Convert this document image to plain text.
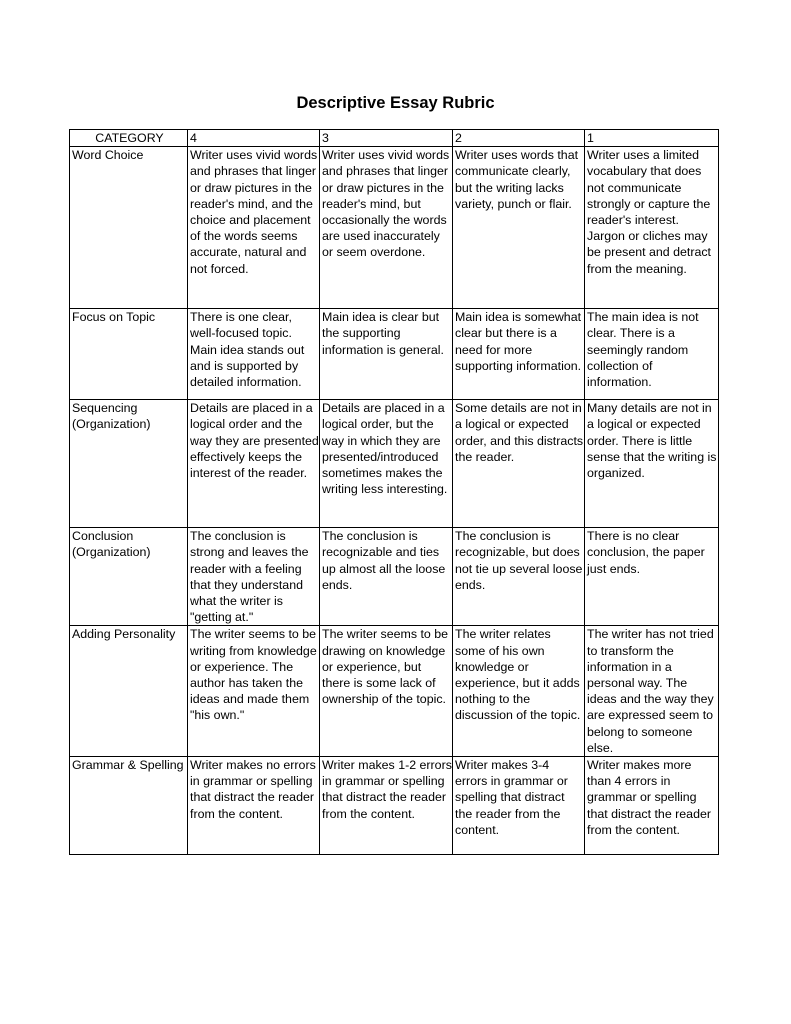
Descriptive Essay Rubric
CATEGORY	4	3	2	1
Word Choice	Writer uses vivid words and phrases that linger or draw pictures in the reader's mind, and the choice and placement of the words seems accurate, natural and not forced.	Writer uses vivid words and phrases that linger or draw pictures in the reader's mind, but occasionally the words are used inaccurately or seem overdone.	Writer uses words that communicate clearly, but the writing lacks variety, punch or flair.	Writer uses a limited vocabulary that does not communicate strongly or capture the reader's interest. Jargon or cliches may be present and detract from the meaning.
Focus on Topic	There is one clear, well-focused topic. Main idea stands out and is supported by detailed information.	Main idea is clear but the supporting information is general.	Main idea is somewhat clear but there is a need for more supporting information.	The main idea is not clear. There is a seemingly random collection of information.
Sequencing (Organization)	Details are placed in a logical order and the way they are presented effectively keeps the interest of the reader.	Details are placed in a logical order, but the way in which they are presented/introduced sometimes makes the writing less interesting.	Some details are not in a logical or expected order, and this distracts the reader.	Many details are not in a logical or expected order. There is little sense that the writing is organized.
Conclusion (Organization)	The conclusion is strong and leaves the reader with a feeling that they understand what the writer is "getting at."	The conclusion is recognizable and ties up almost all the loose ends.	The conclusion is recognizable, but does not tie up several loose ends.	There is no clear conclusion, the paper just ends.
Adding Personality	The writer seems to be writing from knowledge or experience. The author has taken the ideas and made them "his own."	The writer seems to be drawing on knowledge or experience, but there is some lack of ownership of the topic.	The writer relates some of his own knowledge or experience, but it adds nothing to the discussion of the topic.	The writer has not tried to transform the information in a personal way. The ideas and the way they are expressed seem to belong to someone else.
Grammar & Spelling	Writer makes no errors in grammar or spelling that distract the reader from the content.	Writer makes 1-2 errors in grammar or spelling that distract the reader from the content.	Writer makes 3-4 errors in grammar or spelling that distract the reader from the content.	Writer makes more than 4 errors in grammar or spelling that distract the reader from the content.
